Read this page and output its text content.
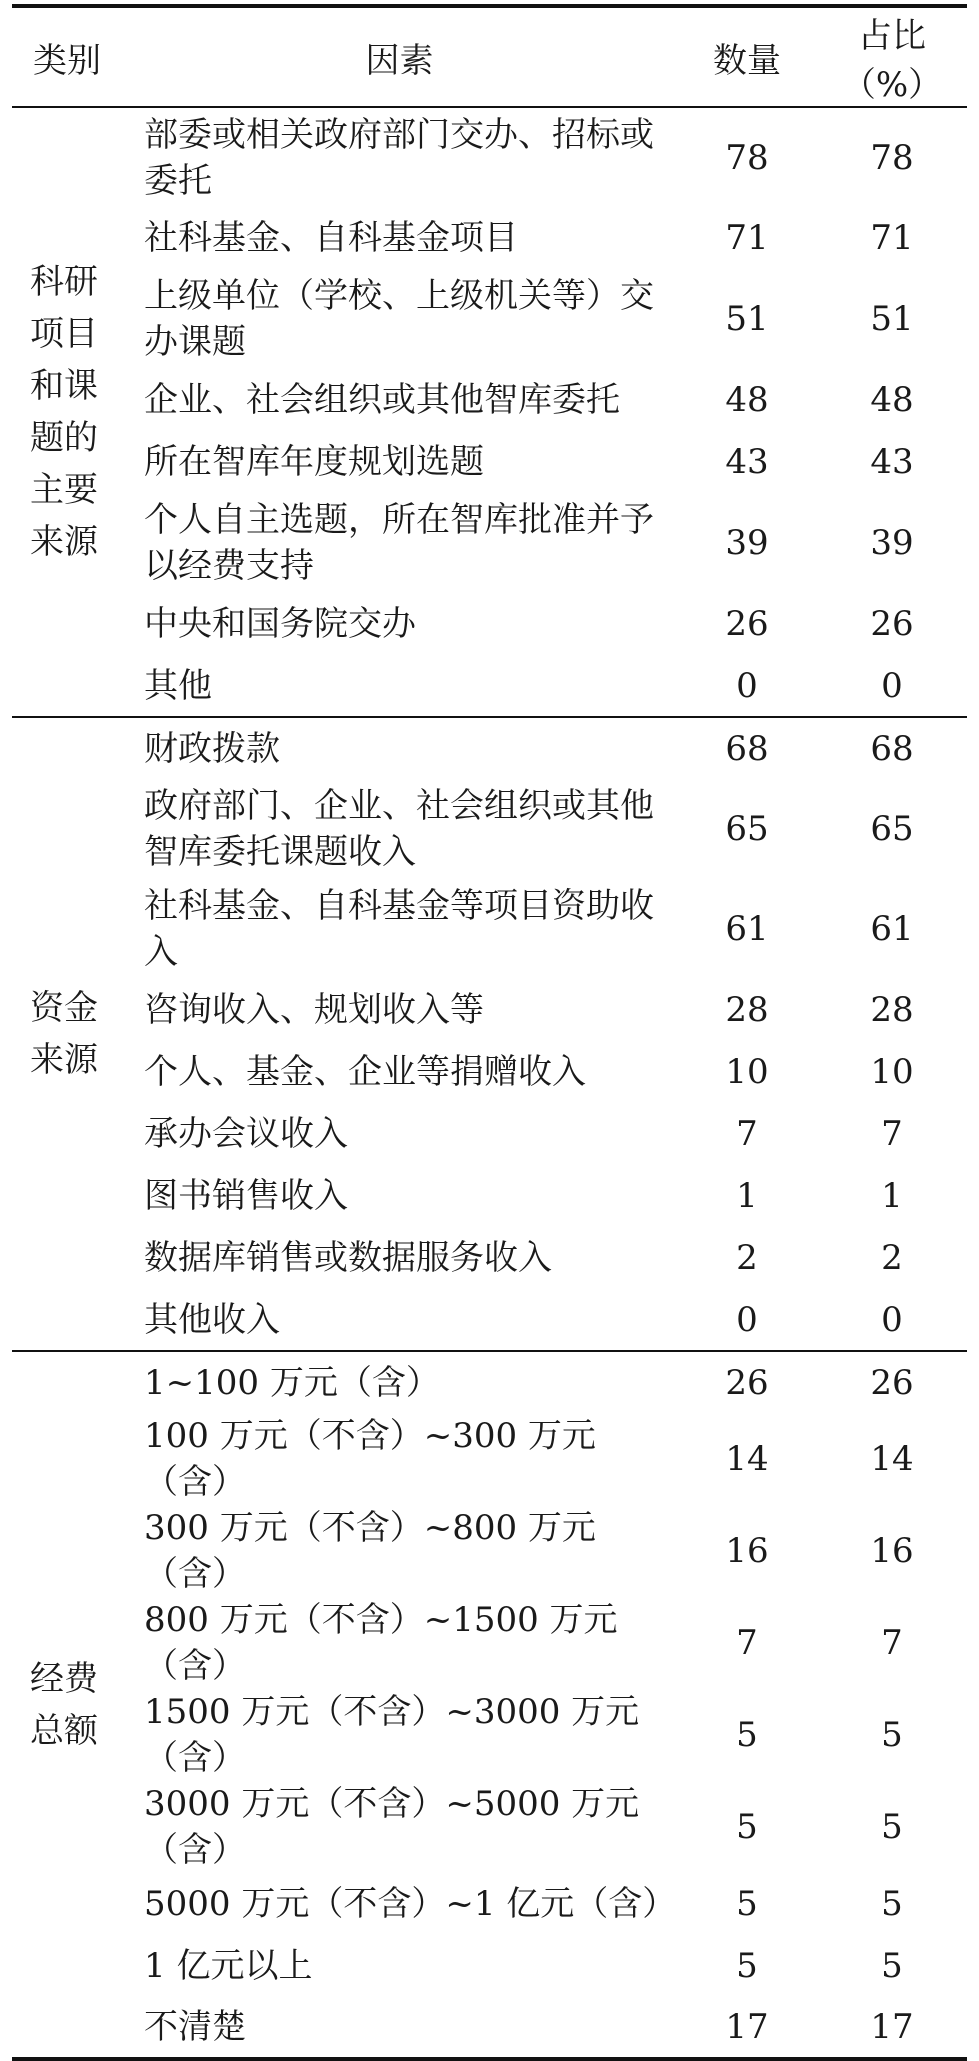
类别	因素	数量	占比（%）
科研项目和课题的主要来源	部委或相关政府部门交办、招标或委托	78	78
	社科基金、自科基金项目	71	71
	上级单位（学校、上级机关等）交办课题	51	51
	企业、社会组织或其他智库委托	48	48
	所在智库年度规划选题	43	43
	个人自主选题，所在智库批准并予以经费支持	39	39
	中央和国务院交办	26	26
	其他	0	0
资金来源	财政拨款	68	68
	政府部门、企业、社会组织或其他智库委托课题收入	65	65
	社科基金、自科基金等项目资助收入	61	61
	咨询收入、规划收入等	28	28
	个人、基金、企业等捐赠收入	10	10
	承办会议收入	7	7
	图书销售收入	1	1
	数据库销售或数据服务收入	2	2
	其他收入	0	0
经费总额	1~100 万元（含）	26	26
	100 万元（不含）~300 万元（含）	14	14
	300 万元（不含）~800 万元（含）	16	16
	800 万元（不含）~1500 万元（含）	7	7
	1500 万元（不含）~3000 万元（含）	5	5
	3000 万元（不含）~5000 万元（含）	5	5
	5000 万元（不含）~1 亿元（含）	5	5
	1 亿元以上	5	5
	不清楚	17	17
